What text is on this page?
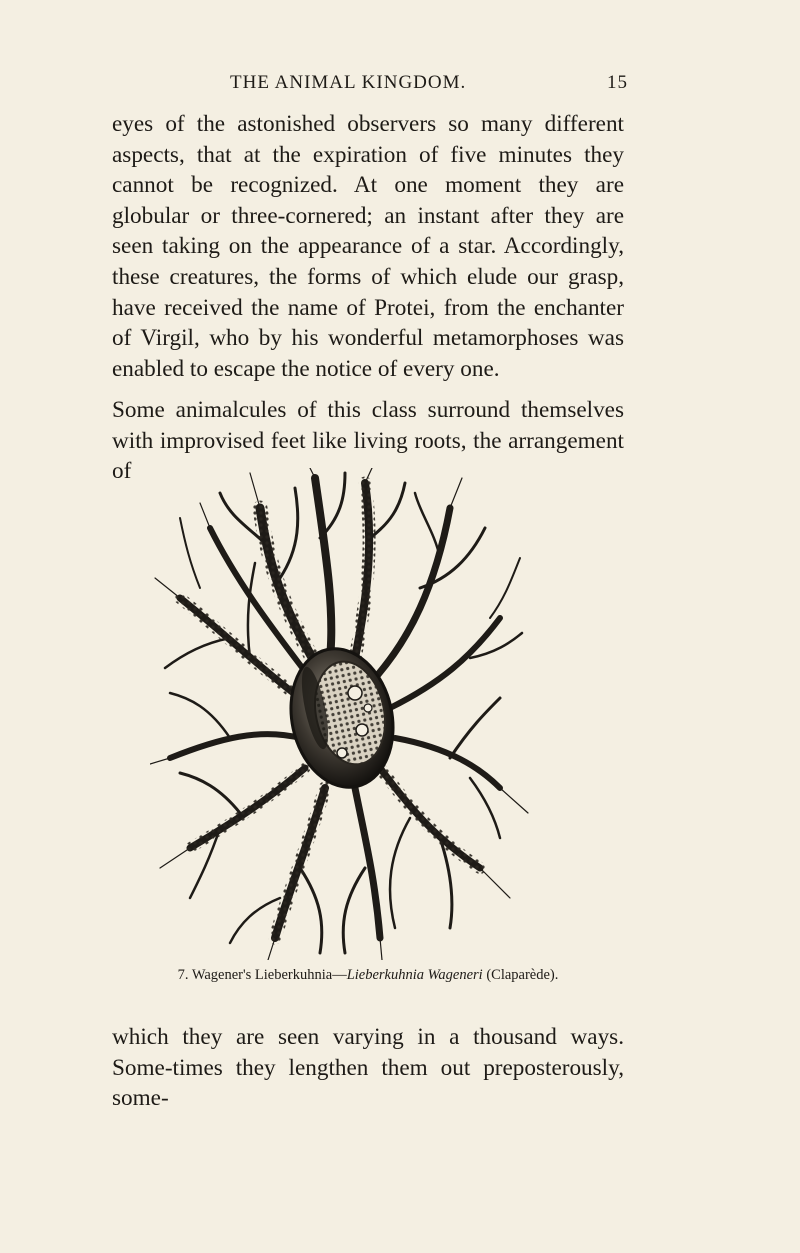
THE ANIMAL KINGDOM.	15
eyes of the astonished observers so many different aspects, that at the expiration of five minutes they cannot be recognized. At one moment they are globular or three-cornered; an instant after they are seen taking on the appearance of a star. Accordingly, these creatures, the forms of which elude our grasp, have received the name of Protei, from the enchanter of Virgil, who by his wonderful metamorphoses was enabled to escape the notice of every one.
Some animalcules of this class surround themselves with improvised feet like living roots, the arrangement of
7. Wagener's Lieberkuhnia—Lieberkuhnia Wageneri (Claparède).
which they are seen varying in a thousand ways. Some-times they lengthen them out preposterously, some-
